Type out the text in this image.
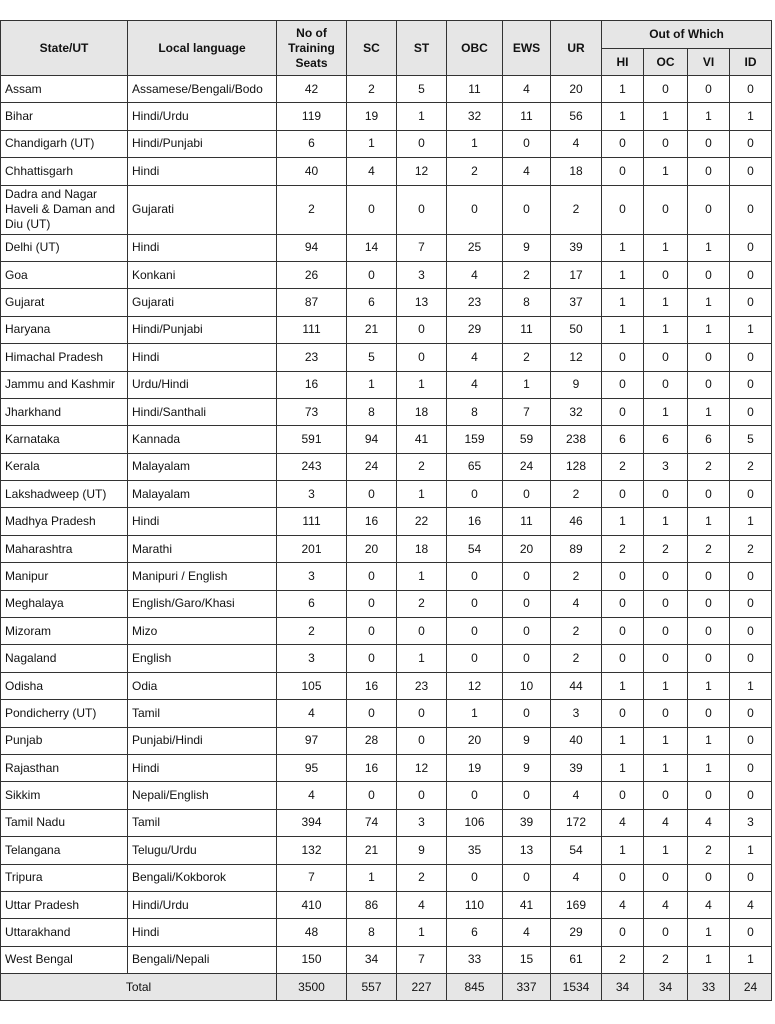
State/UT	Local language	No of Training Seats	SC	ST	OBC	EWS	UR	Out of Which			
								HI	OC	VI	ID
Assam	Assamese/Bengali/Bodo	42	2	5	11	4	20	1	0	0	0
Bihar	Hindi/Urdu	119	19	1	32	11	56	1	1	1	1
Chandigarh (UT)	Hindi/Punjabi	6	1	0	1	0	4	0	0	0	0
Chhattisgarh	Hindi	40	4	12	2	4	18	0	1	0	0
Dadra and Nagar Haveli & Daman and Diu (UT)	Gujarati	2	0	0	0	0	2	0	0	0	0
Delhi (UT)	Hindi	94	14	7	25	9	39	1	1	1	0
Goa	Konkani	26	0	3	4	2	17	1	0	0	0
Gujarat	Gujarati	87	6	13	23	8	37	1	1	1	0
Haryana	Hindi/Punjabi	111	21	0	29	11	50	1	1	1	1
Himachal Pradesh	Hindi	23	5	0	4	2	12	0	0	0	0
Jammu and Kashmir	Urdu/Hindi	16	1	1	4	1	9	0	0	0	0
Jharkhand	Hindi/Santhali	73	8	18	8	7	32	0	1	1	0
Karnataka	Kannada	591	94	41	159	59	238	6	6	6	5
Kerala	Malayalam	243	24	2	65	24	128	2	3	2	2
Lakshadweep (UT)	Malayalam	3	0	1	0	0	2	0	0	0	0
Madhya Pradesh	Hindi	111	16	22	16	11	46	1	1	1	1
Maharashtra	Marathi	201	20	18	54	20	89	2	2	2	2
Manipur	Manipuri / English	3	0	1	0	0	2	0	0	0	0
Meghalaya	English/Garo/Khasi	6	0	2	0	0	4	0	0	0	0
Mizoram	Mizo	2	0	0	0	0	2	0	0	0	0
Nagaland	English	3	0	1	0	0	2	0	0	0	0
Odisha	Odia	105	16	23	12	10	44	1	1	1	1
Pondicherry (UT)	Tamil	4	0	0	1	0	3	0	0	0	0
Punjab	Punjabi/Hindi	97	28	0	20	9	40	1	1	1	0
Rajasthan	Hindi	95	16	12	19	9	39	1	1	1	0
Sikkim	Nepali/English	4	0	0	0	0	4	0	0	0	0
Tamil Nadu	Tamil	394	74	3	106	39	172	4	4	4	3
Telangana	Telugu/Urdu	132	21	9	35	13	54	1	1	2	1
Tripura	Bengali/Kokborok	7	1	2	0	0	4	0	0	0	0
Uttar Pradesh	Hindi/Urdu	410	86	4	110	41	169	4	4	4	4
Uttarakhand	Hindi	48	8	1	6	4	29	0	0	1	0
West Bengal	Bengali/Nepali	150	34	7	33	15	61	2	2	1	1
Total		3500	557	227	845	337	1534	34	34	33	24
